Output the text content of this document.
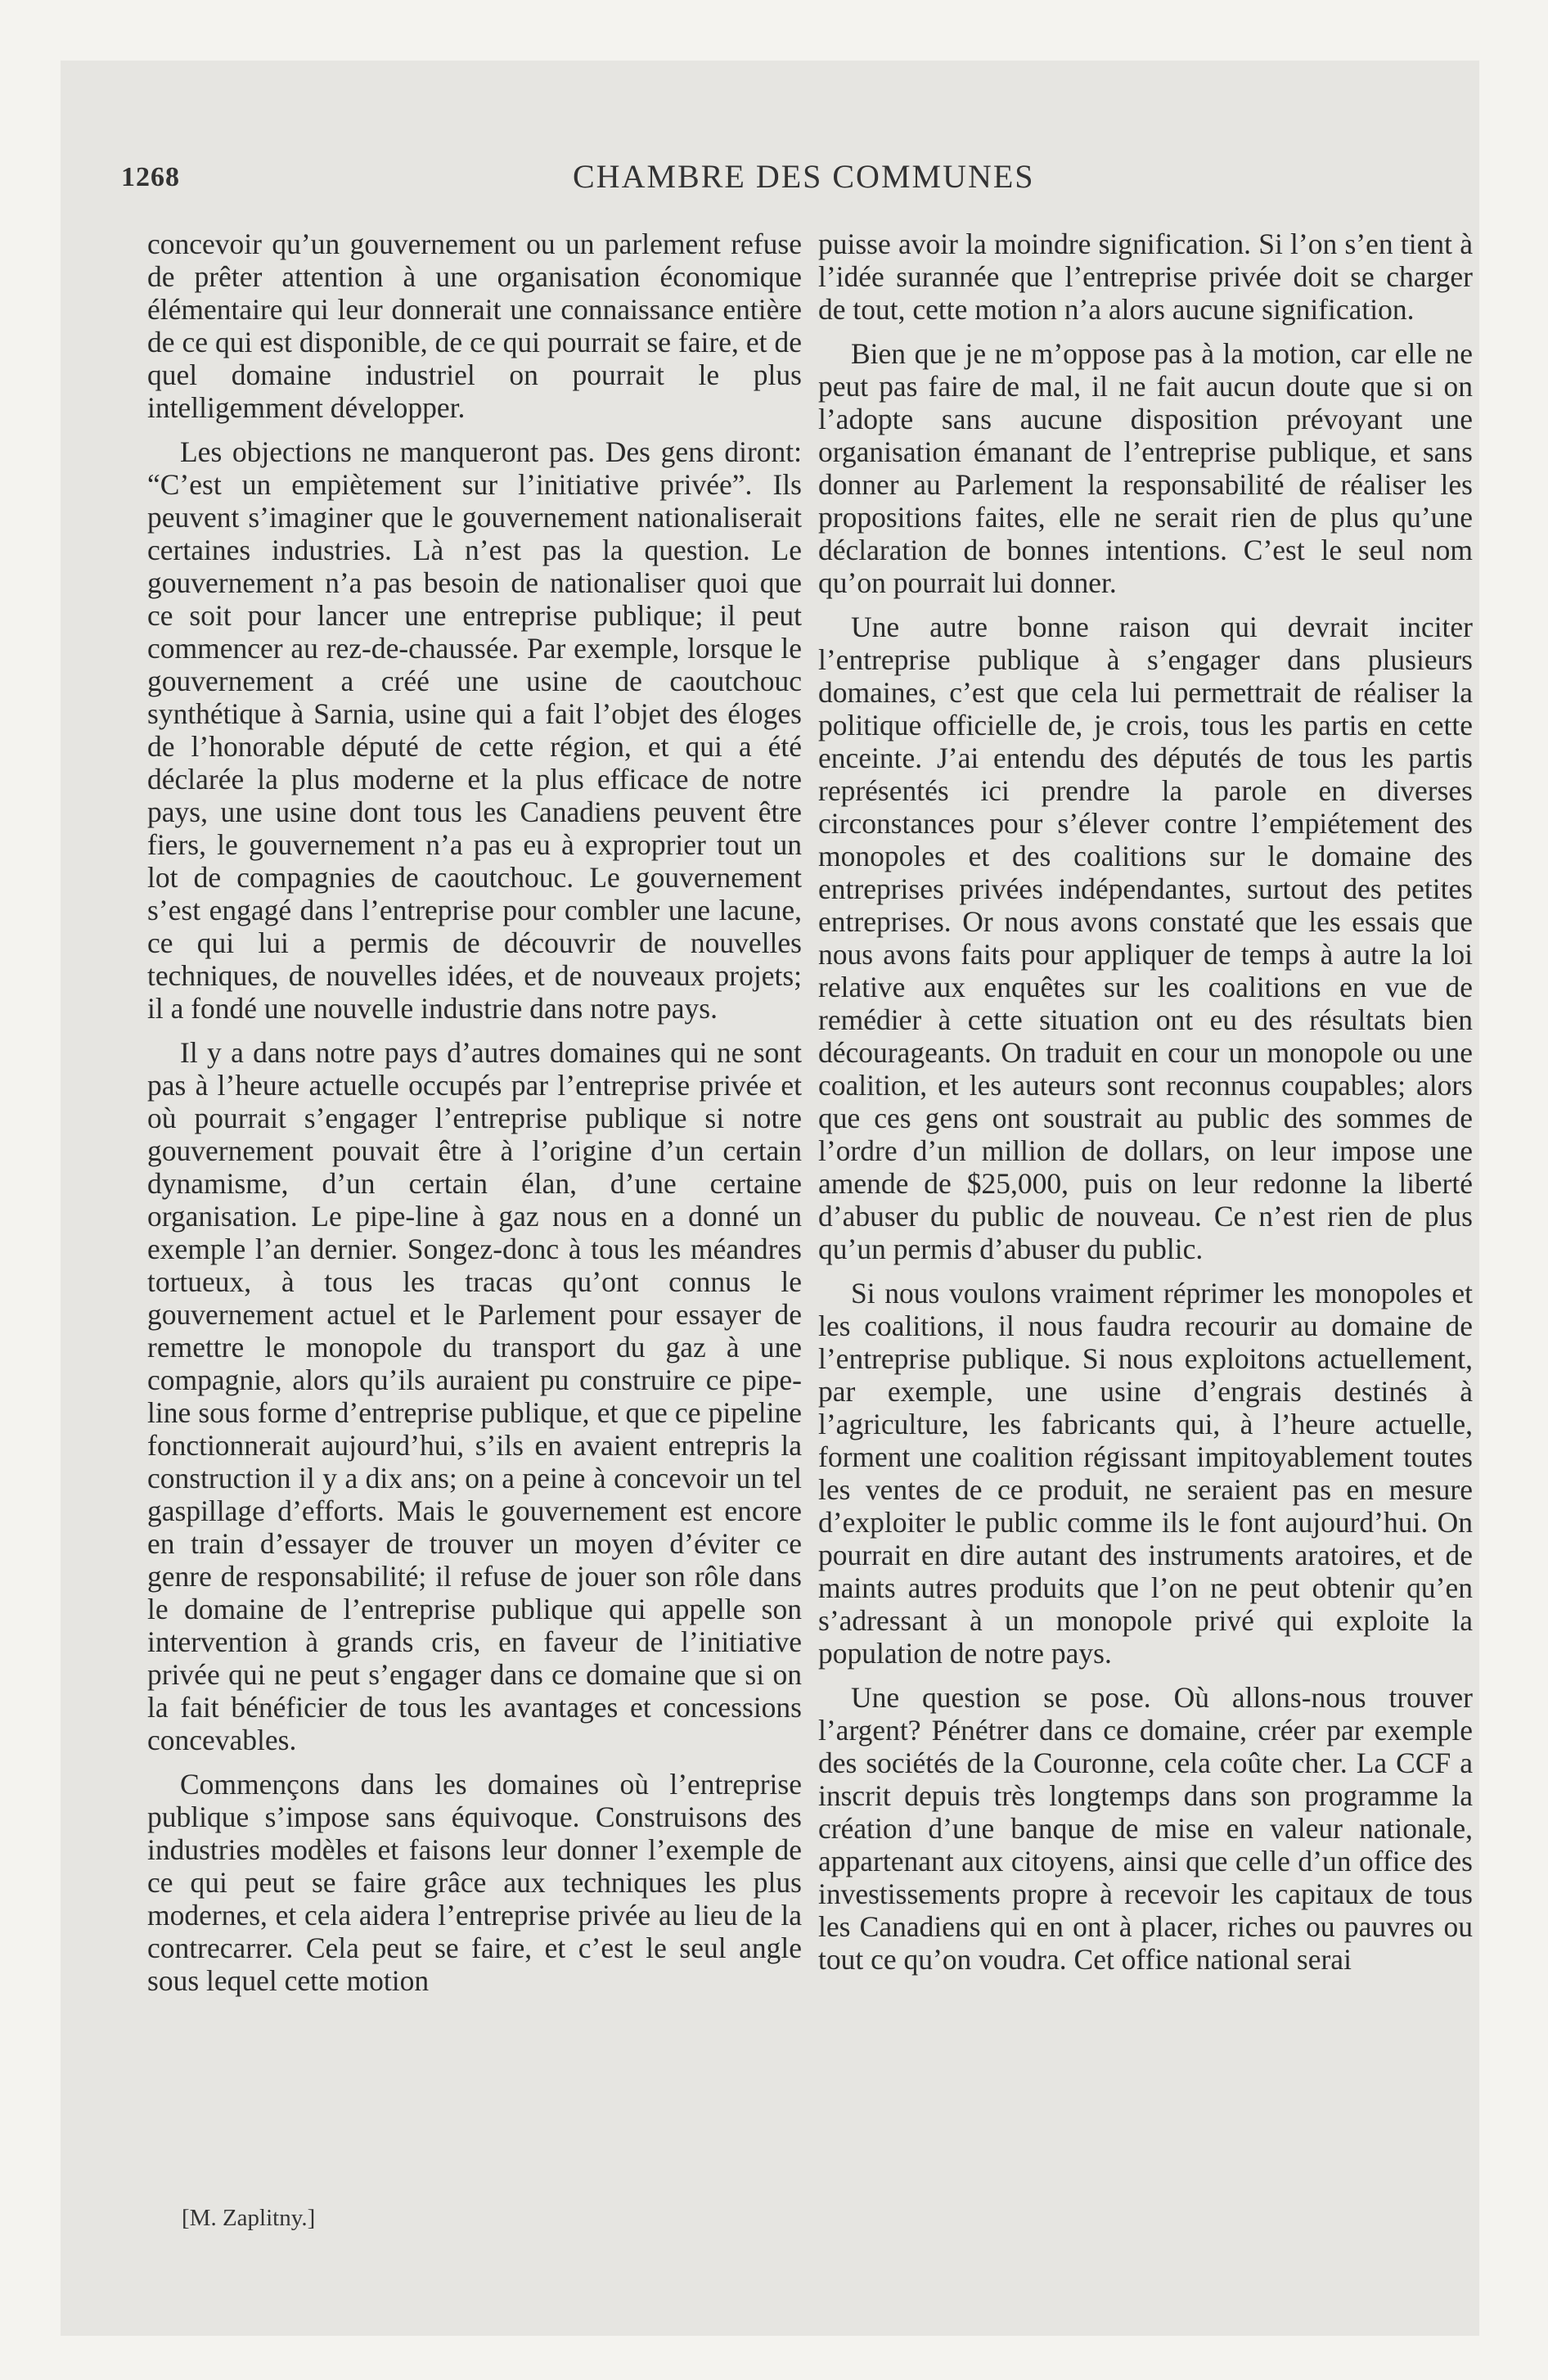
1268	CHAMBRE DES COMMUNES

concevoir qu’un gouvernement ou un parlement refuse de prêter attention à une organisation économique élémentaire qui leur donnerait une connaissance entière de ce qui est disponible, de ce qui pourrait se faire, et de quel domaine industriel on pourrait le plus intelligemment développer.

Les objections ne manqueront pas. Des gens diront: “C’est un empiètement sur l’initiative privée”. Ils peuvent s’imaginer que le gouvernement nationaliserait certaines industries. Là n’est pas la question. Le gouvernement n’a pas besoin de nationaliser quoi que ce soit pour lancer une entreprise publique; il peut commencer au rez-de-chaussée. Par exemple, lorsque le gouvernement a créé une usine de caoutchouc synthétique à Sarnia, usine qui a fait l’objet des éloges de l’honorable député de cette région, et qui a été déclarée la plus moderne et la plus efficace de notre pays, une usine dont tous les Canadiens peuvent être fiers, le gouvernement n’a pas eu à exproprier tout un lot de compagnies de caoutchouc. Le gouvernement s’est engagé dans l’entreprise pour combler une lacune, ce qui lui a permis de découvrir de nouvelles techniques, de nouvelles idées, et de nouveaux projets; il a fondé une nouvelle industrie dans notre pays.

Il y a dans notre pays d’autres domaines qui ne sont pas à l’heure actuelle occupés par l’entreprise privée et où pourrait s’engager l’entreprise publique si notre gouvernement pouvait être à l’origine d’un certain dynamisme, d’un certain élan, d’une certaine organisation. Le pipe-line à gaz nous en a donné un exemple l’an dernier. Songez-donc à tous les méandres tortueux, à tous les tracas qu’ont connus le gouvernement actuel et le Parlement pour essayer de remettre le monopole du transport du gaz à une compagnie, alors qu’ils auraient pu construire ce pipe-line sous forme d’entreprise publique, et que ce pipeline fonctionnerait aujourd’hui, s’ils en avaient entrepris la construction il y a dix ans; on a peine à concevoir un tel gaspillage d’efforts. Mais le gouvernement est encore en train d’essayer de trouver un moyen d’éviter ce genre de responsabilité; il refuse de jouer son rôle dans le domaine de l’entreprise publique qui appelle son intervention à grands cris, en faveur de l’initiative privée qui ne peut s’engager dans ce domaine que si on la fait bénéficier de tous les avantages et concessions concevables.

Commençons dans les domaines où l’entreprise publique s’impose sans équivoque. Construisons des industries modèles et faisons leur donner l’exemple de ce qui peut se faire grâce aux techniques les plus modernes, et cela aidera l’entreprise privée au lieu de la contrecarrer. Cela peut se faire, et c’est le seul angle sous lequel cette motion

puisse avoir la moindre signification. Si l’on s’en tient à l’idée surannée que l’entreprise privée doit se charger de tout, cette motion n’a alors aucune signification.

Bien que je ne m’oppose pas à la motion, car elle ne peut pas faire de mal, il ne fait aucun doute que si on l’adopte sans aucune disposition prévoyant une organisation émanant de l’entreprise publique, et sans donner au Parlement la responsabilité de réaliser les propositions faites, elle ne serait rien de plus qu’une déclaration de bonnes intentions. C’est le seul nom qu’on pourrait lui donner.

Une autre bonne raison qui devrait inciter l’entreprise publique à s’engager dans plusieurs domaines, c’est que cela lui permettrait de réaliser la politique officielle de, je crois, tous les partis en cette enceinte. J’ai entendu des députés de tous les partis représentés ici prendre la parole en diverses circonstances pour s’élever contre l’empiétement des monopoles et des coalitions sur le domaine des entreprises privées indépendantes, surtout des petites entreprises. Or nous avons constaté que les essais que nous avons faits pour appliquer de temps à autre la loi relative aux enquêtes sur les coalitions en vue de remédier à cette situation ont eu des résultats bien décourageants. On traduit en cour un monopole ou une coalition, et les auteurs sont reconnus coupables; alors que ces gens ont soustrait au public des sommes de l’ordre d’un million de dollars, on leur impose une amende de $25,000, puis on leur redonne la liberté d’abuser du public de nouveau. Ce n’est rien de plus qu’un permis d’abuser du public.

Si nous voulons vraiment réprimer les monopoles et les coalitions, il nous faudra recourir au domaine de l’entreprise publique. Si nous exploitons actuellement, par exemple, une usine d’engrais destinés à l’agriculture, les fabricants qui, à l’heure actuelle, forment une coalition régissant impitoyablement toutes les ventes de ce produit, ne seraient pas en mesure d’exploiter le public comme ils le font aujourd’hui. On pourrait en dire autant des instruments aratoires, et de maints autres produits que l’on ne peut obtenir qu’en s’adressant à un monopole privé qui exploite la population de notre pays.

Une question se pose. Où allons-nous trouver l’argent? Pénétrer dans ce domaine, créer par exemple des sociétés de la Couronne, cela coûte cher. La CCF a inscrit depuis très longtemps dans son programme la création d’une banque de mise en valeur nationale, appartenant aux citoyens, ainsi que celle d’un office des investissements propre à recevoir les capitaux de tous les Canadiens qui en ont à placer, riches ou pauvres ou tout ce qu’on voudra. Cet office national serai

[M. Zaplitny.]
